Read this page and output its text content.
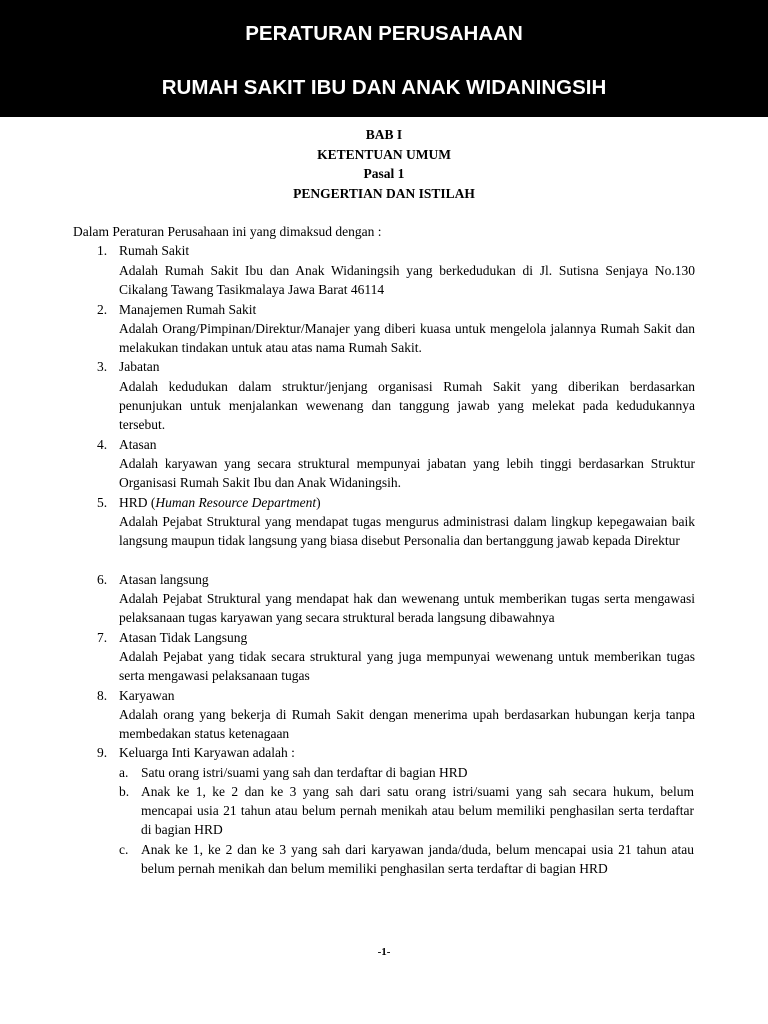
PERATURAN PERUSAHAAN
RUMAH SAKIT IBU DAN ANAK WIDANINGSIH
BAB I
KETENTUAN UMUM
Pasal 1
PENGERTIAN DAN ISTILAH
Dalam Peraturan Perusahaan ini yang dimaksud dengan :
1. Rumah Sakit
Adalah Rumah Sakit Ibu dan Anak Widaningsih yang berkedudukan di Jl. Sutisna Senjaya No.130 Cikalang Tawang Tasikmalaya Jawa Barat 46114
2. Manajemen Rumah Sakit
Adalah Orang/Pimpinan/Direktur/Manajer yang diberi kuasa untuk mengelola jalannya Rumah Sakit dan melakukan tindakan untuk atau atas nama Rumah Sakit.
3. Jabatan
Adalah kedudukan dalam struktur/jenjang organisasi Rumah Sakit yang diberikan berdasarkan penunjukan untuk menjalankan wewenang dan tanggung jawab yang melekat pada kedudukannya tersebut.
4. Atasan
Adalah karyawan yang secara struktural mempunyai jabatan yang lebih tinggi berdasarkan Struktur Organisasi Rumah Sakit Ibu dan Anak Widaningsih.
5. HRD (Human Resource Department)
Adalah Pejabat Struktural yang mendapat tugas mengurus administrasi dalam lingkup kepegawaian baik langsung maupun tidak langsung yang biasa disebut Personalia dan bertanggung jawab kepada Direktur
6. Atasan langsung
Adalah Pejabat Struktural yang mendapat hak dan wewenang untuk memberikan tugas serta mengawasi pelaksanaan tugas karyawan yang secara struktural berada langsung dibawahnya
7. Atasan Tidak Langsung
Adalah Pejabat yang tidak secara struktural yang juga mempunyai wewenang untuk memberikan tugas serta mengawasi pelaksanaan tugas
8. Karyawan
Adalah orang yang bekerja di Rumah Sakit dengan menerima upah berdasarkan hubungan kerja tanpa membedakan status ketenagaan
9. Keluarga Inti Karyawan adalah :
a. Satu orang istri/suami yang sah dan terdaftar di bagian HRD
b. Anak ke 1, ke 2 dan ke 3 yang sah dari satu orang istri/suami yang sah secara hukum, belum mencapai usia 21 tahun atau belum pernah menikah atau belum memiliki penghasilan serta terdaftar di bagian HRD
c. Anak ke 1, ke 2 dan ke 3 yang sah dari karyawan janda/duda, belum mencapai usia 21 tahun atau belum pernah menikah dan belum memiliki penghasilan serta terdaftar di bagian HRD
-1-
